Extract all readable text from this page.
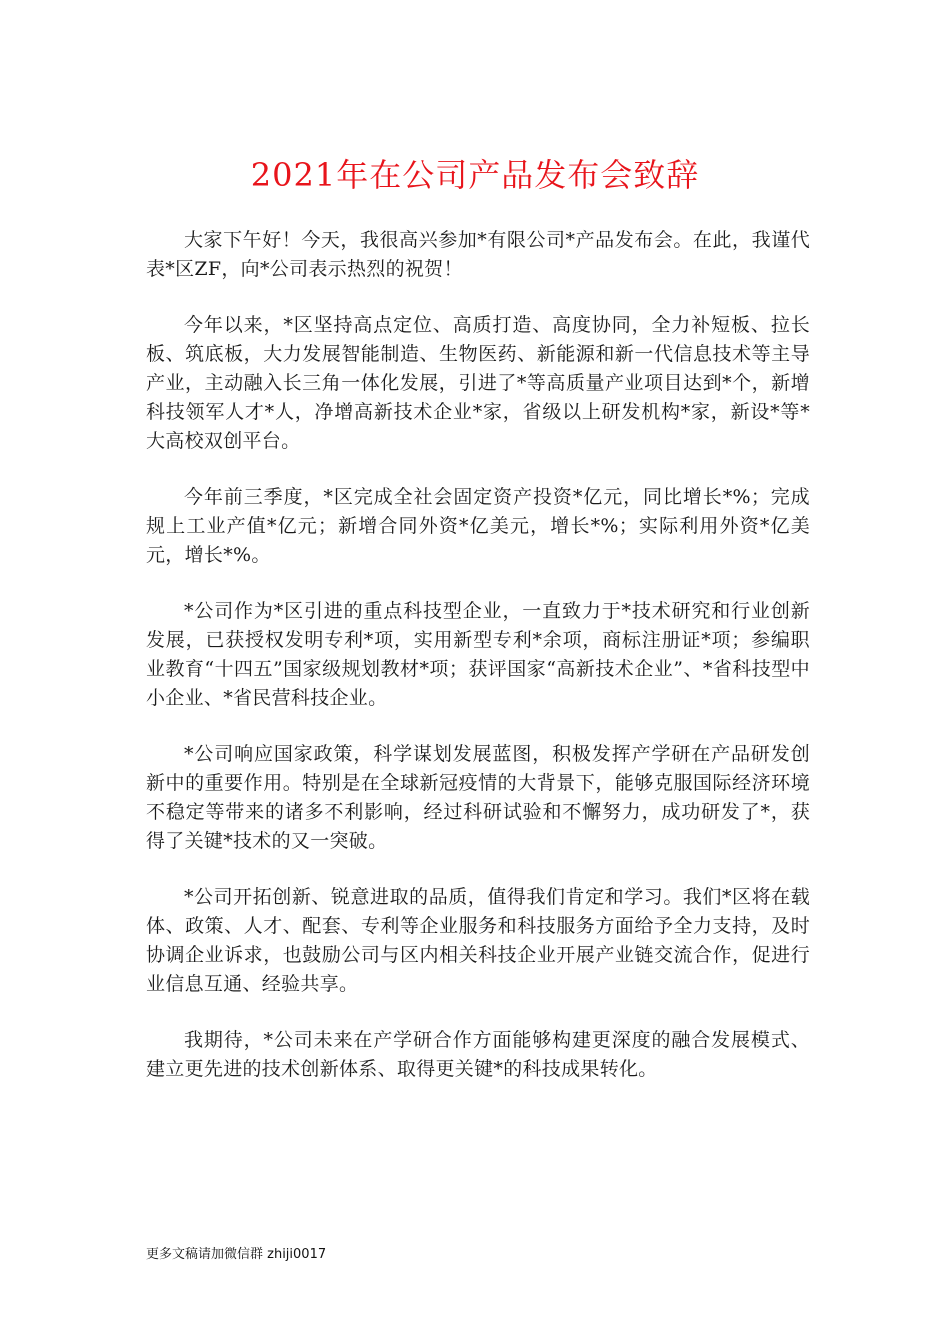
2021年在公司产品发布会致辞

大家下午好！今天，我很高兴参加*有限公司*产品发布会。在此，我谨代表*区ZF，向*公司表示热烈的祝贺！

今年以来，*区坚持高点定位、高质打造、高度协同，全力补短板、拉长板、筑底板，大力发展智能制造、生物医药、新能源和新一代信息技术等主导产业，主动融入长三角一体化发展，引进了*等高质量产业项目达到*个，新增科技领军人才*人，净增高新技术企业*家，省级以上研发机构*家，新设*等*大高校双创平台。

今年前三季度，*区完成全社会固定资产投资*亿元，同比增长*%；完成规上工业产值*亿元；新增合同外资*亿美元，增长*%；实际利用外资*亿美元，增长*%。

*公司作为*区引进的重点科技型企业，一直致力于*技术研究和行业创新发展，已获授权发明专利*项，实用新型专利*余项，商标注册证*项；参编职业教育“十四五”国家级规划教材*项；获评国家“高新技术企业”、*省科技型中小企业、*省民营科技企业。

*公司响应国家政策，科学谋划发展蓝图，积极发挥产学研在产品研发创新中的重要作用。特别是在全球新冠疫情的大背景下，能够克服国际经济环境不稳定等带来的诸多不利影响，经过科研试验和不懈努力，成功研发了*，获得了关键*技术的又一突破。

*公司开拓创新、锐意进取的品质，值得我们肯定和学习。我们*区将在载体、政策、人才、配套、专利等企业服务和科技服务方面给予全力支持，及时协调企业诉求，也鼓励公司与区内相关科技企业开展产业链交流合作，促进行业信息互通、经验共享。

我期待，*公司未来在产学研合作方面能够构建更深度的融合发展模式、建立更先进的技术创新体系、取得更关键*的科技成果转化。

更多文稿请加微信群 zhiji0017
